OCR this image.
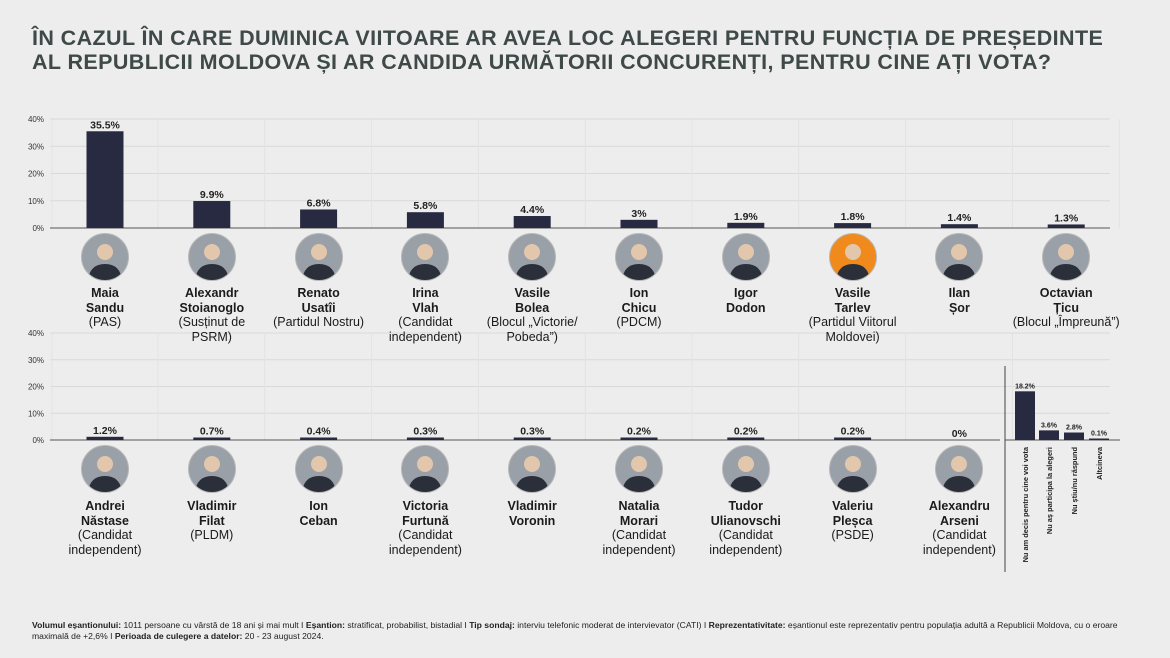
ÎN CAZUL ÎN CARE DUMINICA VIITOARE AR AVEA LOC ALEGERI PENTRU FUNCȚIA DE PREȘEDINTE AL REPUBLICII MOLDOVA ȘI AR CANDIDA URMĂTORII CONCURENȚI, PENTRU CINE AȚI VOTA?
0%
10%
20%
30%
40%	35.5%
9.9%
6.8%	5.8%	4.4%	3%	1.9%	1.8%	1.4%	1.3%
0%
10%
20%
30%
40%
1.2%	0.7%	0.4%	0.3%	0.3%	0.2%	0.2%	0.2%	0%
18.2%
Nu am decis pentru cine voi vota
3.6%
Nu aș participa la alegeri
2.8%
Nu știu/nu răspund
0.1%
Altcineva
Maia
Sandu
(PAS)
Alexandr
Stoianoglo
(Susținut de PSRM)
Renato
Usatîi
(Partidul Nostru)
Irina
Vlah
(Candidat independent)
Vasile
Bolea
(Blocul „Victorie/ Pobeda”)
Ion
Chicu
(PDCM)
Igor
Dodon
Vasile
Tarlev
(Partidul Viitorul Moldovei)
Ilan
Șor
Octavian
Țicu
(Blocul „Împreună”)
Andrei
Năstase
(Candidat independent)
Vladimir
Filat
(PLDM)
Ion
Ceban
Victoria
Furtună
(Candidat independent)
Vladimir
Voronin
Natalia
Morari
(Candidat independent)
Tudor
Ulianovschi
(Candidat independent)
Valeriu
Pleșca
(PSDE)
Alexandru
Arseni
(Candidat independent)
Volumul eșantionului: 1011 persoane cu vârstă de 18 ani și mai mult I Eșantion: stratificat, probabilist, bistadial I Tip sondaj: interviu telefonic moderat de intervievator (CATI) I Reprezentativitate: eșantionul este reprezentativ pentru populația adultă a Republicii Moldova, cu o eroare maximală de +2,6% I Perioada de culegere a datelor: 20 - 23 august 2024.
